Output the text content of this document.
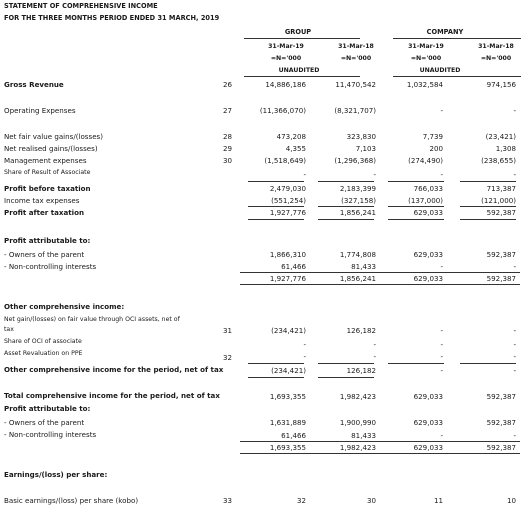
STATEMENT OF COMPREHENSIVE INCOME
FOR THE THREE MONTHS PERIOD ENDED 31 MARCH, 2019
GROUP	COMPANY
31-Mar-19	31-Mar-18	31-Mar-19	31-Mar-18
=N='000	=N='000	=N='000	=N='000
UNAUDITED	UNAUDITED
Gross Revenue	26	14,886,186	11,470,542	1,032,584	974,156
Operating Expenses	27	(11,366,070)	(8,321,707)	-	-
Net fair value gains/(losses)	28	473,208	323,830	7,739	(23,421)
Net realised gains/(losses)	29	4,355	7,103	200	1,308
Management expenses	30	(1,518,649)	(1,296,368)	(274,490)	(238,655)
Share of Result of Associate	-	-	-	-
Profit before taxation	2,479,030	2,183,399	766,033	713,387
Income tax expenses	(551,254)	(327,158)	(137,000)	(121,000)
Profit after taxation	1,927,776	1,856,241	629,033	592,387
Profit attributable to:
- Owners of the parent	1,866,310	1,774,808	629,033	592,387
- Non-controlling interests	61,466	81,433	-	-
1,927,776	1,856,241	629,033	592,387
Other comprehensive income:
Net gain/(losses) on fair value through OCI assets, net of
tax	31	(234,421)	126,182	-	-
Share of OCI of associate	-	-	-	-
Asset Revaluation on PPE	32	-	-	-	-
Other comprehensive income for the period, net of tax	(234,421)	126,182	-	-
Total comprehensive income for the period, net of tax	1,693,355	1,982,423	629,033	592,387
Profit attributable to:
- Owners of the parent	1,631,889	1,900,990	629,033	592,387
- Non-controlling interests	61,466	81,433	-	-
1,693,355	1,982,423	629,033	592,387
Earnings/(loss) per share:
Basic earnings/(loss) per share (kobo)	33	32	30	11	10
